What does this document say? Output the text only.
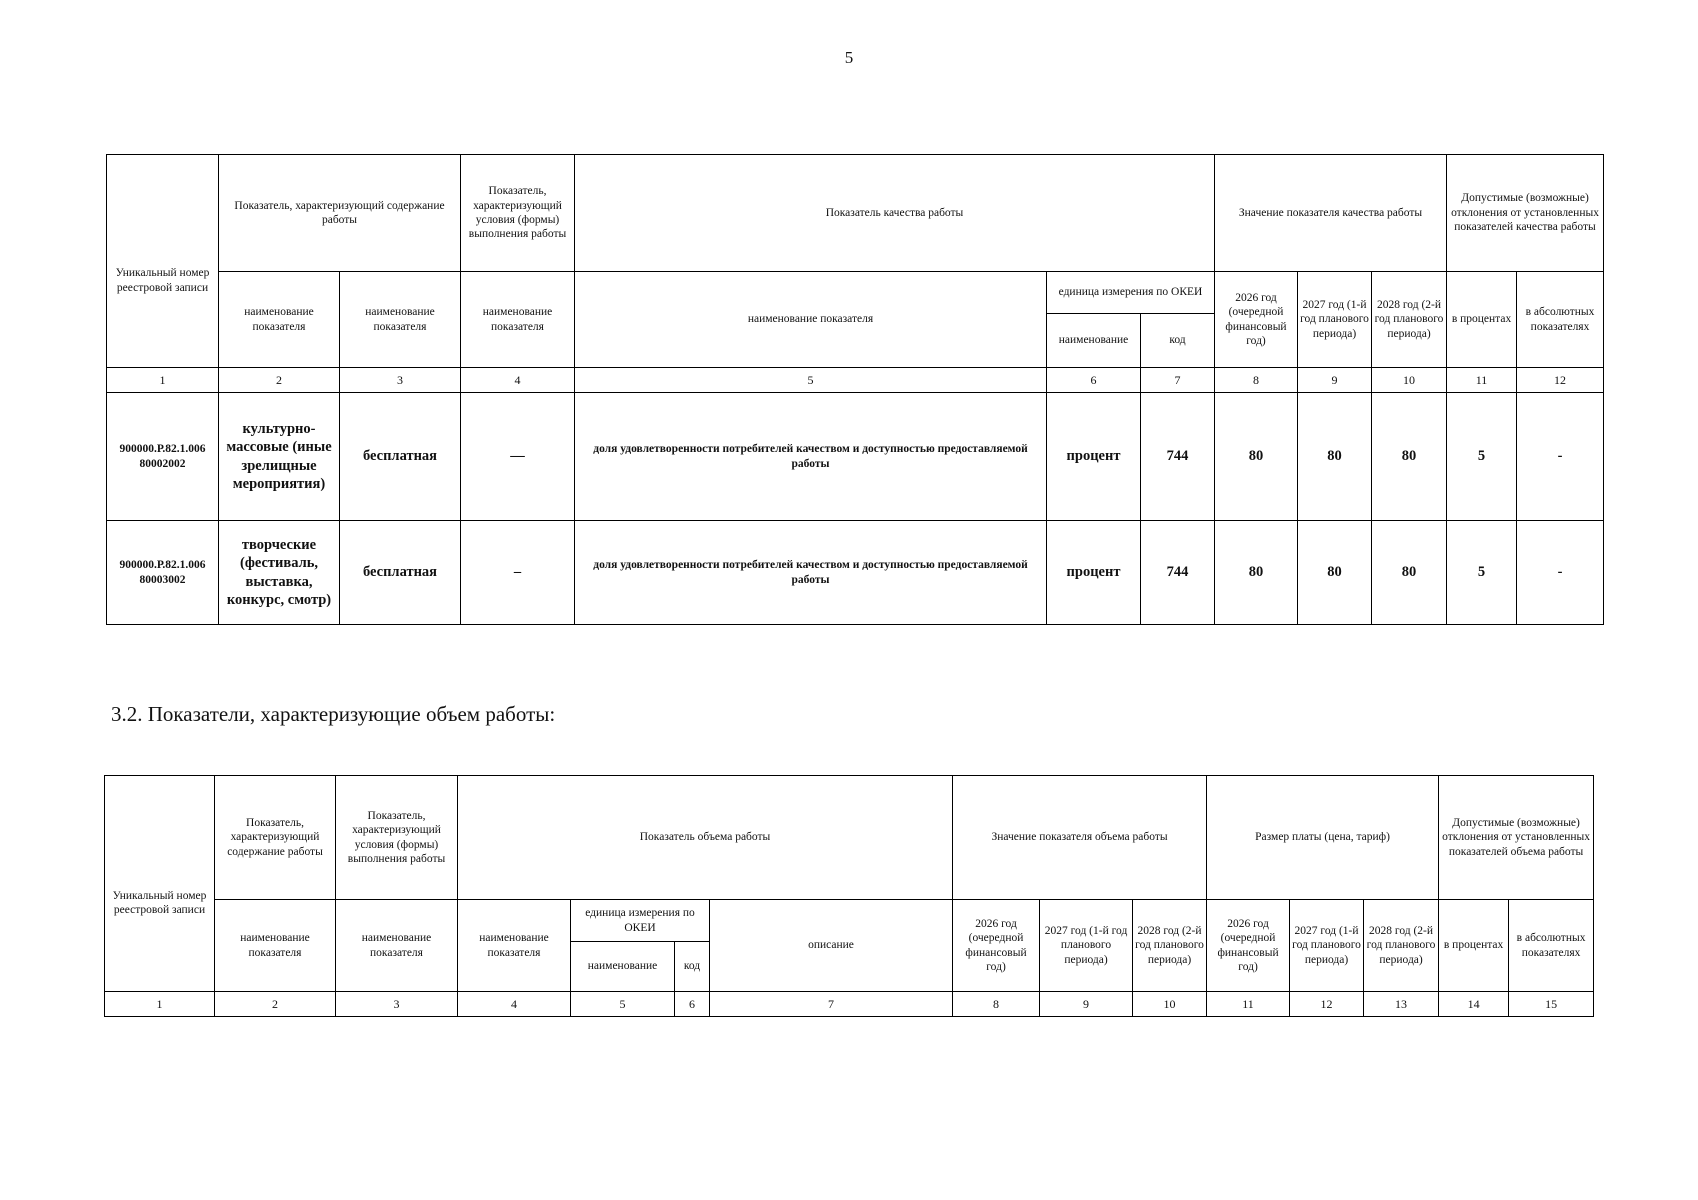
5
Уникальный номер реестровой записи	Показатель, характеризующий содержание работы		Показатель, характеризующий условия (формы) выполнения работы	Показатель качества работы			Значение показателя качества работы			Допустимые (возможные) отклонения от установленных показателей качества работы	
	наименование показателя	наименование показателя	наименование показателя	наименование показателя	единица измерения по ОКЕИ		2026 год (очередной финансовый год)	2027 год (1-й год планового периода)	2028 год (2-й год планового периода)	в процентах	в абсолютных показателях
					наименование	код					
1	2	3	4	5	6	7	8	9	10	11	12
900000.Р.82.1.006 80002002	культурно-массовые (иные зрелищные мероприятия)	бесплатная	—	доля удовлетворенности потребителей качеством и доступностью предоставляемой работы	процент	744	80	80	80	5	-
900000.Р.82.1.006 80003002	творческие (фестиваль, выставка, конкурс, смотр)	бесплатная	–	доля удовлетворенности потребителей качеством и доступностью предоставляемой работы	процент	744	80	80	80	5	-
3.2. Показатели, характеризующие объем работы:
Уникальный номер реестровой записи	Показатель, характеризующий содержание работы	Показатель, характеризующий условия (формы) выполнения работы	Показатель объема работы				Значение показателя объема работы			Размер платы (цена, тариф)			Допустимые (возможные) отклонения от установленных показателей объема работы	
	наименование показателя	наименование показателя	наименование показателя	единица измерения по ОКЕИ		описание	2026 год (очередной финансовый год)	2027 год (1-й год планового периода)	2028 год (2-й год планового периода)	2026 год (очередной финансовый год)	2027 год (1-й год планового периода)	2028 год (2-й год планового периода)	в процентах	в абсолютных показателях
				наименование	код									
1	2	3	4	5	6	7	8	9	10	11	12	13	14	15
